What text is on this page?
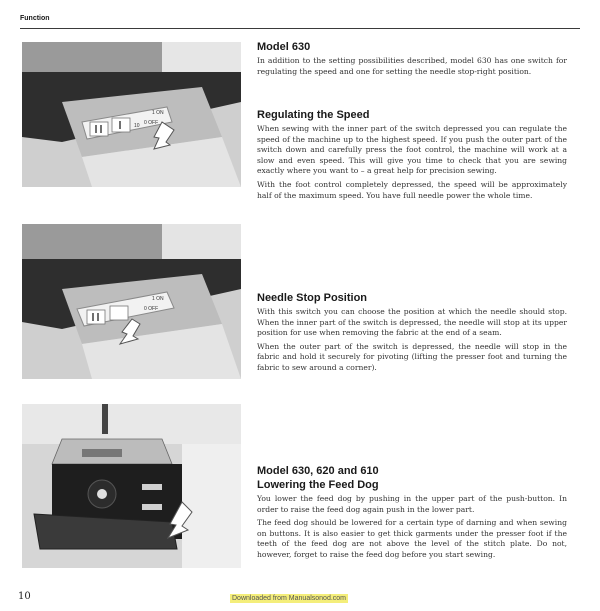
Function
10 0 OFF
1 ON
0 OFF
1 ON
Model 630

In addition to the setting possibilities described, model 630 has one switch for regulating the speed and one for setting the needle stop-right position.

Regulating the Speed

When sewing with the inner part of the switch depressed you can regulate the speed of the machine up to the highest speed. If you push the outer part of the switch down and carefully press the foot control, the machine will work at a slow and even speed. This will give you time to check that you are sewing exactly where you want to – a great help for precision sewing.

With the foot control completely depressed, the speed will be approximately half of the maximum speed. You have full needle power the whole time.

Needle Stop Position

With this switch you can choose the position at which the needle should stop. When the inner part of the switch is depressed, the needle will stop at its upper position for use when removing the fabric at the end of a seam.

When the outer part of the switch is depressed, the needle will stop in the fabric and hold it securely for pivoting (lifting the presser foot and turning the fabric to sew around a corner).

Model 630, 620 and 610
Lowering the Feed Dog

You lower the feed dog by pushing in the upper part of the push-button. In order to raise the feed dog again push in the lower part.

The feed dog should be lowered for a certain type of darning and when sewing on buttons. It is also easier to get thick garments under the presser foot if the teeth of the feed dog are not above the level of the stitch plate. Do not, however, forget to raise the feed dog before you start sewing.

10	Downloaded from Manualsonod.com
